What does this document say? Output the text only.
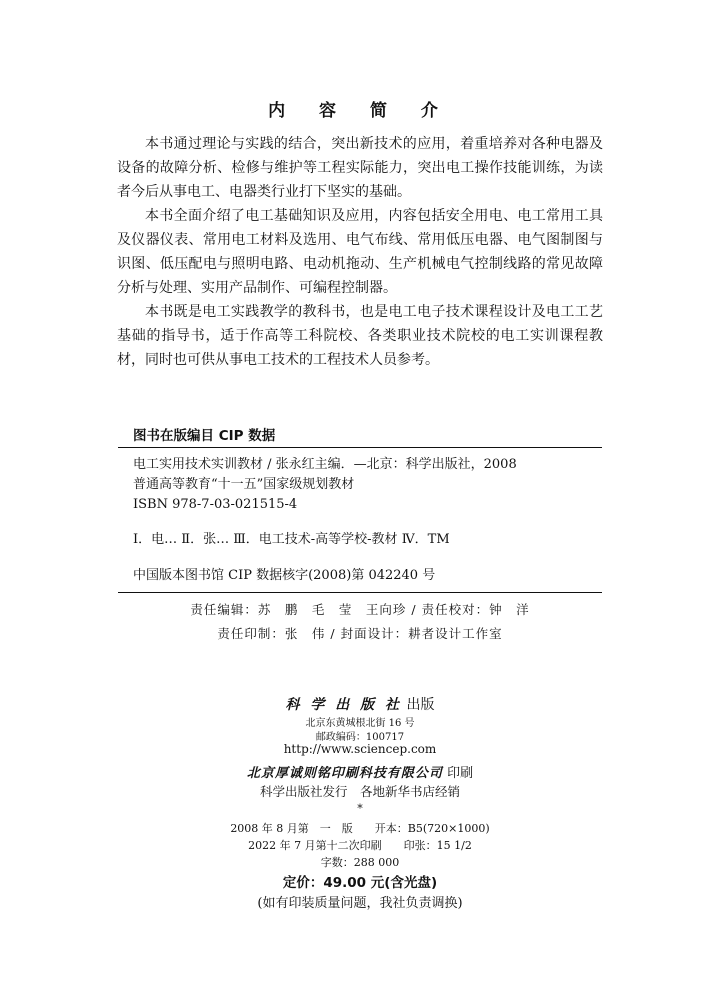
内 容 简 介

本书通过理论与实践的结合，突出新技术的应用，着重培养对各种电器及设备的故障分析、检修与维护等工程实际能力，突出电工操作技能训练，为读者今后从事电工、电器类行业打下坚实的基础。

本书全面介绍了电工基础知识及应用，内容包括安全用电、电工常用工具及仪器仪表、常用电工材料及选用、电气布线、常用低压电器、电气图制图与识图、低压配电与照明电路、电动机拖动、生产机械电气控制线路的常见故障分析与处理、实用产品制作、可编程控制器。

本书既是电工实践教学的教科书，也是电工电子技术课程设计及电工工艺基础的指导书，适于作高等工科院校、各类职业技术院校的电工实训课程教材，同时也可供从事电工技术的工程技术人员参考。

图书在版编目 CIP 数据
电工实用技术实训教材 / 张永红主编．—北京：科学出版社，2008
普通高等教育“十一五”国家级规划教材
ISBN 978-7-03-021515-4
Ⅰ．电… Ⅱ．张… Ⅲ．电工技术-高等学校-教材 Ⅳ．TM
中国版本图书馆 CIP 数据核字(2008)第 042240 号
责任编辑：苏　鹏　毛　莹　王向珍 / 责任校对：钟　洋
责任印制：张　伟 / 封面设计：耕者设计工作室
科 学 出 版 社 出版
北京东黄城根北街 16 号
邮政编码：100717
http://www.sciencep.com
北京厚诚则铭印刷科技有限公司 印刷
科学出版社发行　各地新华书店经销
*
2008 年 8 月第　一　版　　开本：B5(720×1000)
2022 年 7 月第十二次印刷　　印张：15 1/2
字数：288 000
定价：49.00 元(含光盘)
(如有印装质量问题，我社负责调换)
